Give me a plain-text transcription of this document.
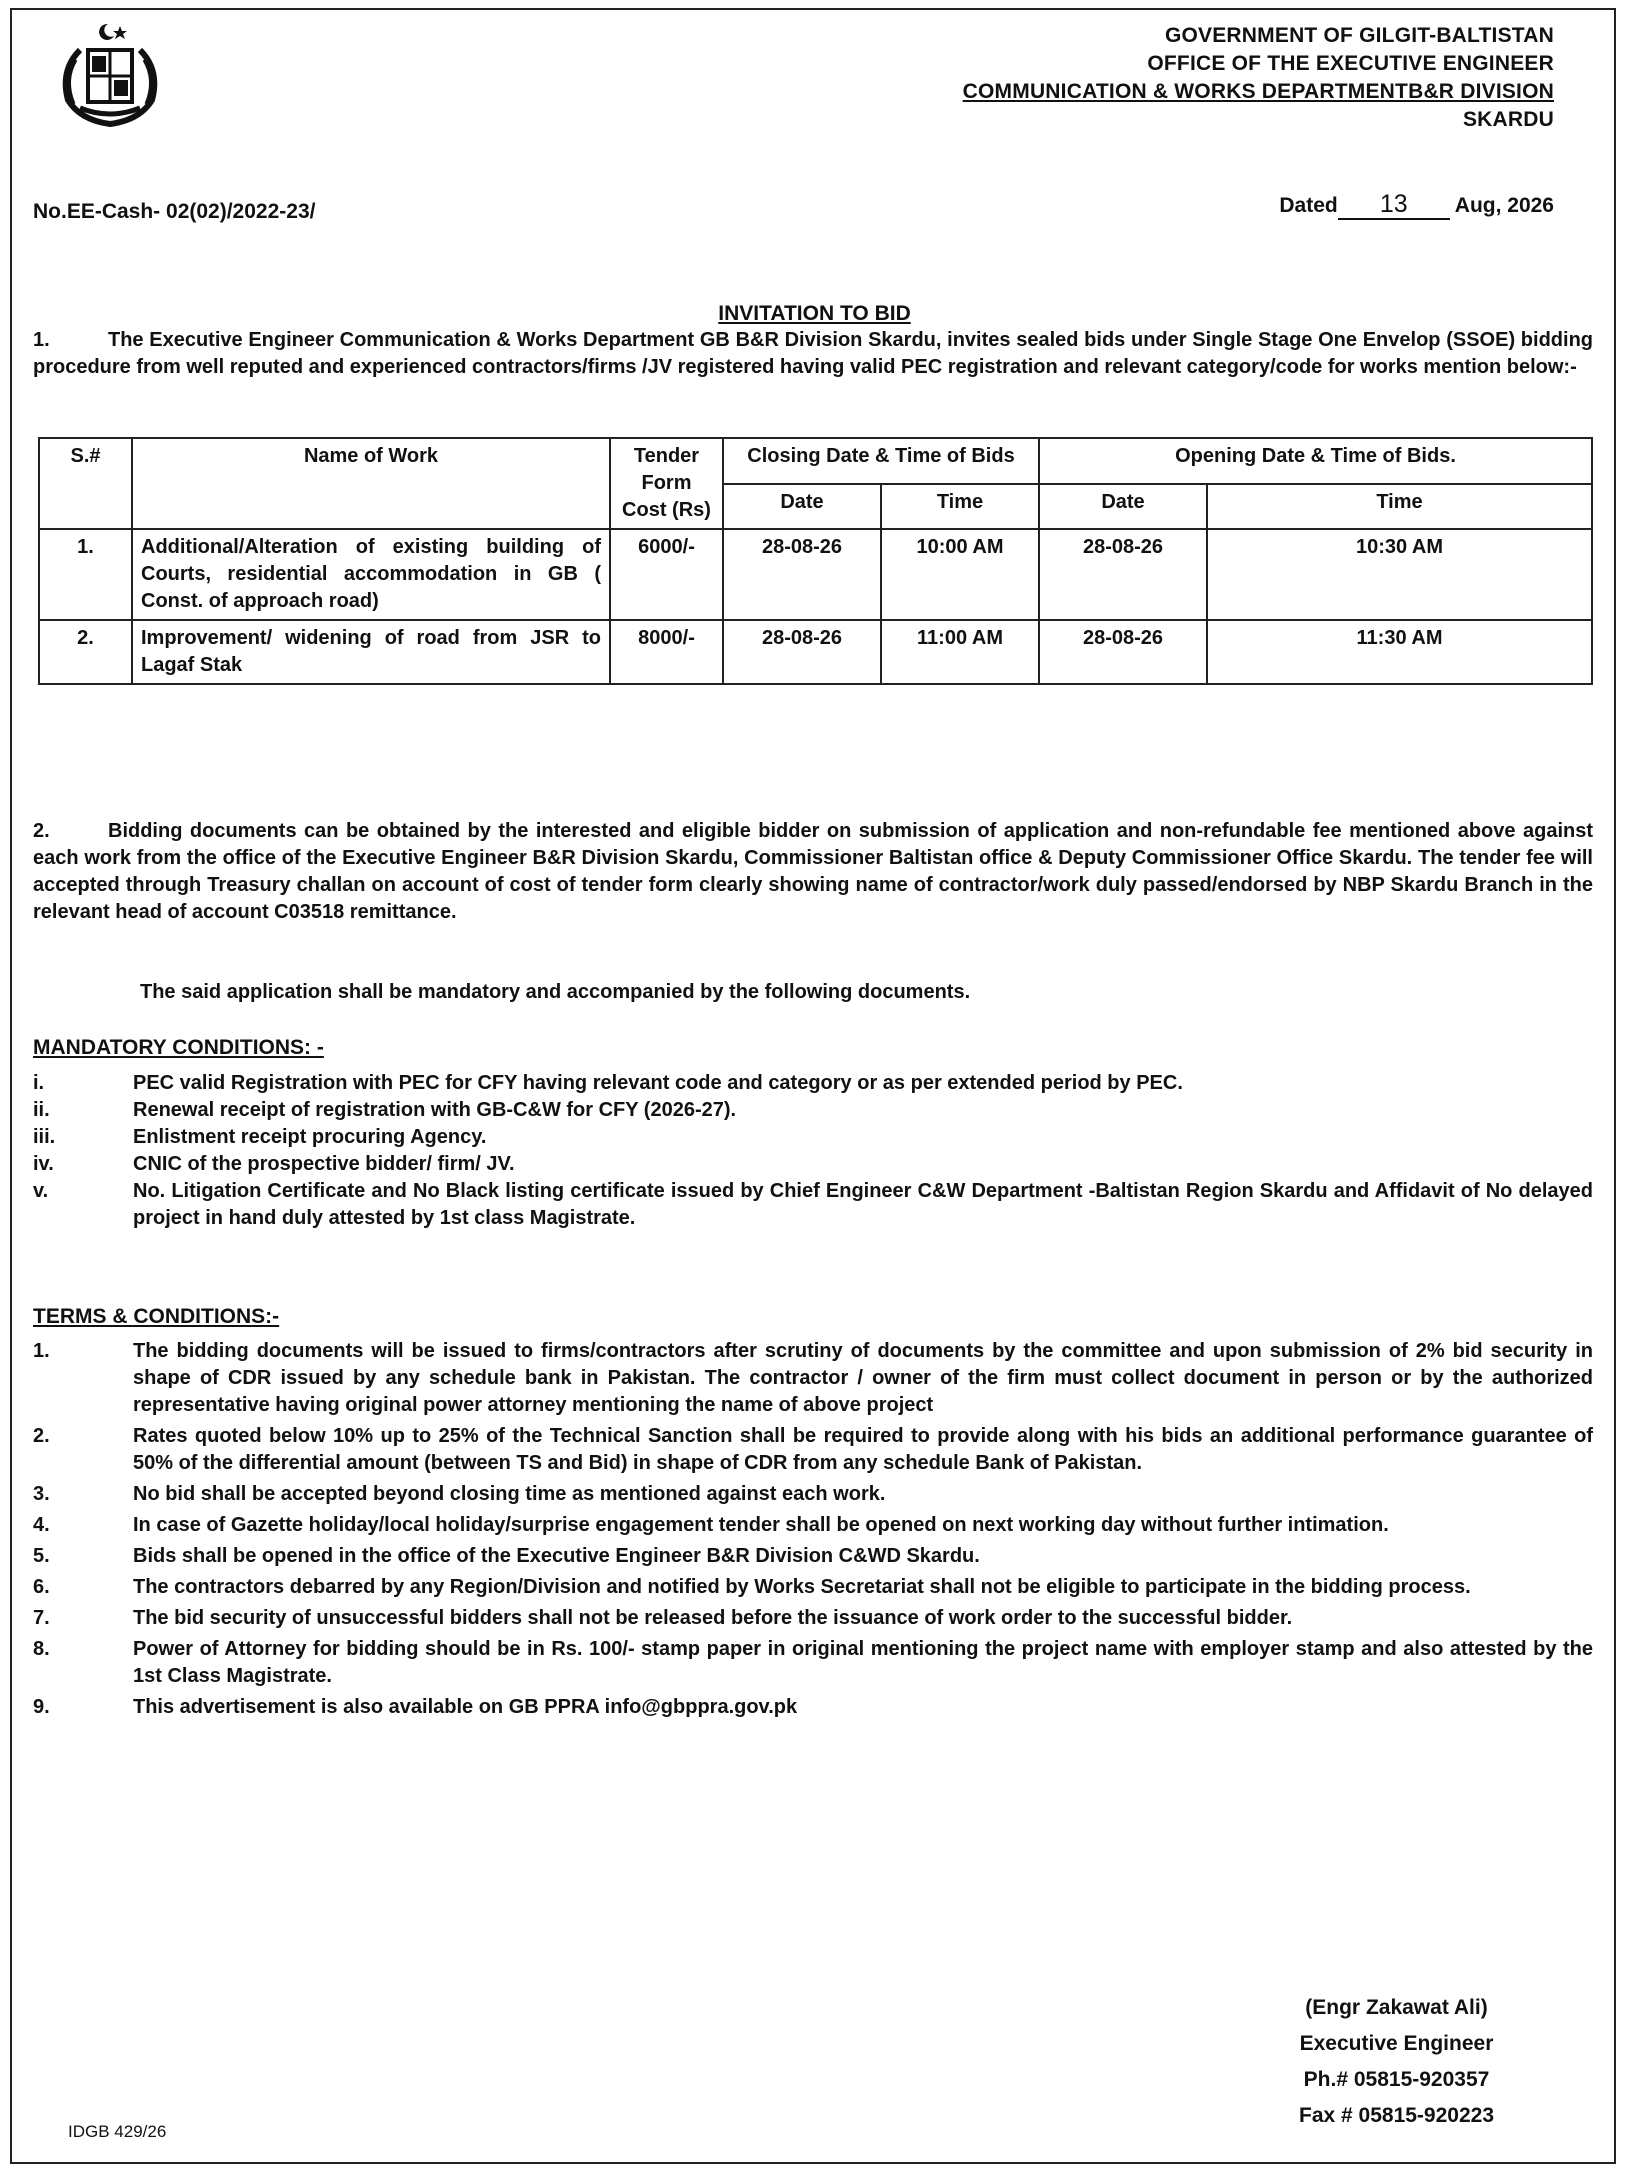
GOVERNMENT OF GILGIT-BALTISTAN
OFFICE OF THE EXECUTIVE ENGINEER
COMMUNICATION & WORKS DEPARTMENTB&R DIVISION
SKARDU
No.EE-Cash- 02(02)/2022-23/	Dated 13 Aug, 2026
INVITATION TO BID
1.	The Executive Engineer Communication & Works Department GB B&R Division Skardu, invites sealed bids under Single Stage One Envelop (SSOE) bidding procedure from well reputed and experienced contractors/firms /JV registered having valid PEC registration and relevant category/code for works mention below:-
S.#	Name of Work	Tender Form Cost (Rs)	Closing Date & Time of Bids		Opening Date & Time of Bids.	
			Date	Time	Date	Time
1.	Additional/Alteration of existing building of Courts, residential accommodation in GB ( Const. of approach road)	6000/-	28-08-26	10:00 AM	28-08-26	10:30 AM
2.	Improvement/ widening of road from JSR to Lagaf Stak	8000/-	28-08-26	11:00 AM	28-08-26	11:30 AM
2.	Bidding documents can be obtained by the interested and eligible bidder on submission of application and non-refundable fee mentioned above against each work from the office of the Executive Engineer B&R Division Skardu, Commissioner Baltistan office & Deputy Commissioner Office Skardu. The tender fee will accepted through Treasury challan on account of cost of tender form clearly showing name of contractor/work duly passed/endorsed by NBP Skardu Branch in the relevant head of account C03518 remittance.
The said application shall be mandatory and accompanied by the following documents.
MANDATORY CONDITIONS: -
i.	PEC valid Registration with PEC for CFY having relevant code and category or as per extended period by PEC.
ii.	Renewal receipt of registration with GB-C&W for CFY (2026-27).
iii.	Enlistment receipt procuring Agency.
iv.	CNIC of the prospective bidder/ firm/ JV.
v.	No. Litigation Certificate and No Black listing certificate issued by Chief Engineer C&W Department -Baltistan Region Skardu and Affidavit of No delayed project in hand duly attested by 1st class Magistrate.
TERMS & CONDITIONS:-
1.	The bidding documents will be issued to firms/contractors after scrutiny of documents by the committee and upon submission of 2% bid security in shape of CDR issued by any schedule bank in Pakistan. The contractor / owner of the firm must collect document in person or by the authorized representative having original power attorney mentioning the name of above project
2.	Rates quoted below 10% up to 25% of the Technical Sanction shall be required to provide along with his bids an additional performance guarantee of 50% of the differential amount (between TS and Bid) in shape of CDR from any schedule Bank of Pakistan.
3.	No bid shall be accepted beyond closing time as mentioned against each work.
4.	In case of Gazette holiday/local holiday/surprise engagement tender shall be opened on next working day without further intimation.
5.	Bids shall be opened in the office of the Executive Engineer B&R Division C&WD Skardu.
6.	The contractors debarred by any Region/Division and notified by Works Secretariat shall not be eligible to participate in the bidding process.
7.	The bid security of unsuccessful bidders shall not be released before the issuance of work order to the successful bidder.
8.	Power of Attorney for bidding should be in Rs. 100/- stamp paper in original mentioning the project name with employer stamp and also attested by the 1st Class Magistrate.
9.	This advertisement is also available on GB PPRA info@gbppra.gov.pk
(Engr Zakawat Ali)
Executive Engineer
Ph.# 05815-920357
Fax # 05815-920223
IDGB 429/26
